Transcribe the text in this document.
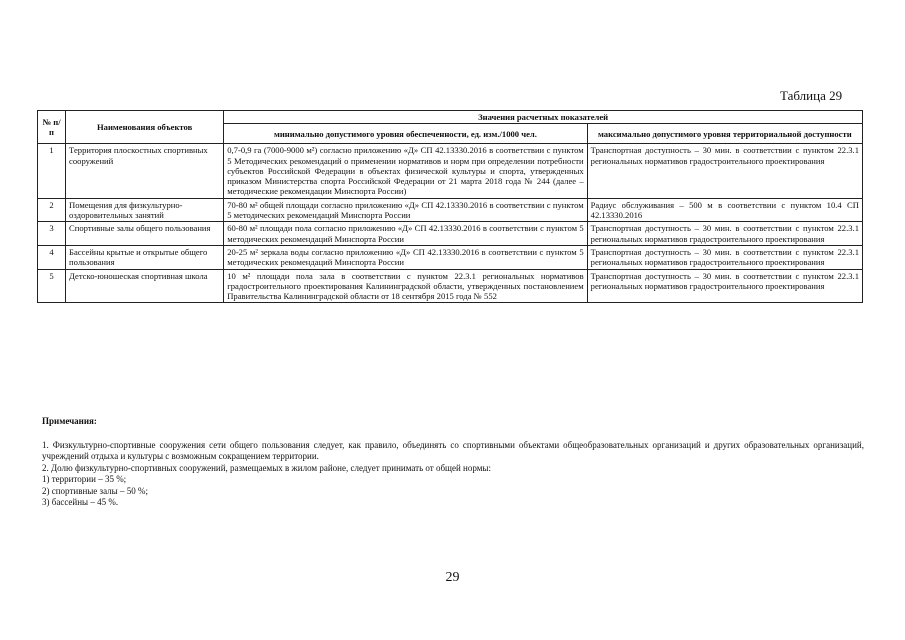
Таблица 29
№ п/п	Наименования объектов	Значения расчетных показателей	
		минимально допустимого уровня обеспеченности, ед. изм./1000 чел.	максимально допустимого уровня территориальной доступности
1	Территория плоскостных спортивных сооружений	0,7-0,9 га (7000-9000 м²) согласно приложению «Д» СП 42.13330.2016 в соответствии с пунктом 5 Методических рекомендаций о применении нормативов и норм при определении потребности субъектов Российской Федерации в объектах физической культуры и спорта, утвержденных приказом Министерства спорта Российской Федерации от 21 марта 2018 года № 244 (далее – методические рекомендации Минспорта России)	Транспортная доступность – 30 мин. в соответствии с пунктом 22.3.1 региональных нормативов градостроительного проектирования
2	Помещения для физкультурно-оздоровительных занятий	70-80 м² общей площади согласно приложению «Д» СП 42.13330.2016 в соответствии с пунктом 5 методических рекомендаций Минспорта России	Радиус обслуживания – 500 м в соответствии с пунктом 10.4 СП 42.13330.2016
3	Спортивные залы общего пользования	60-80 м² площади пола согласно приложению «Д» СП 42.13330.2016 в соответствии с пунктом 5 методических рекомендаций Минспорта России	Транспортная доступность – 30 мин. в соответствии с пунктом 22.3.1 региональных нормативов градостроительного проектирования
4	Бассейны крытые и открытые общего пользования	20-25 м² зеркала воды согласно приложению «Д» СП 42.13330.2016 в соответствии с пунктом 5 методических рекомендаций Минспорта России	Транспортная доступность – 30 мин. в соответствии с пунктом 22.3.1 региональных нормативов градостроительного проектирования
5	Детско-юношеская спортивная школа	10 м² площади пола зала в соответствии с пунктом 22.3.1 региональных нормативов градостроительного проектирования Калининградской области, утвержденных постановлением Правительства Калининградской области от 18 сентября 2015 года № 552	Транспортная доступность – 30 мин. в соответствии с пунктом 22.3.1 региональных нормативов градостроительного проектирования
Примечания:

1. Физкультурно-спортивные сооружения сети общего пользования следует, как правило, объединять со спортивными объектами общеобразовательных организаций и других образовательных организаций, учреждений отдыха и культуры с возможным сокращением территории.

2. Долю физкультурно-спортивных сооружений, размещаемых в жилом районе, следует принимать от общей нормы:

1) территории – 35 %;

2) спортивные залы – 50 %;

3) бассейны – 45 %.

29
